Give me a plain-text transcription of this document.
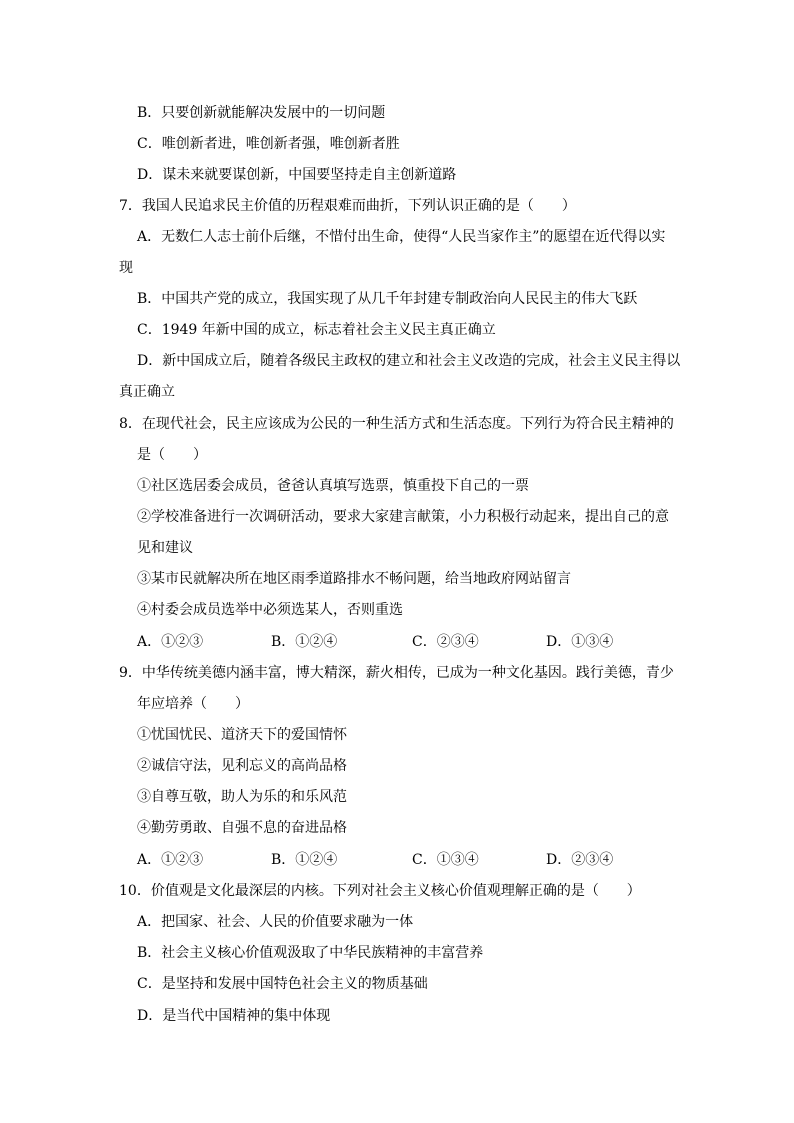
B．只要创新就能解决发展中的一切问题
C．唯创新者进，唯创新者强，唯创新者胜
D．谋未来就要谋创新，中国要坚持走自主创新道路
7．我国人民追求民主价值的历程艰难而曲折，下列认识正确的是（　　）
A．无数仁人志士前仆后继，不惜付出生命，使得“人民当家作主”的愿望在近代得以实
现
B．中国共产党的成立，我国实现了从几千年封建专制政治向人民民主的伟大飞跃
C．1949 年新中国的成立，标志着社会主义民主真正确立
D．新中国成立后，随着各级民主政权的建立和社会主义改造的完成，社会主义民主得以
真正确立
8．在现代社会，民主应该成为公民的一种生活方式和生活态度。下列行为符合民主精神的
是（　　）
①社区选居委会成员，爸爸认真填写选票，慎重投下自己的一票
②学校准备进行一次调研活动，要求大家建言献策，小力积极行动起来，提出自己的意
见和建议
③某市民就解决所在地区雨季道路排水不畅问题，给当地政府网站留言
④村委会成员选举中必须选某人，否则重选
A．①②③	B．①②④	C．②③④	D．①③④
9．中华传统美德内涵丰富，博大精深，薪火相传，已成为一种文化基因。践行美德，青少
年应培养（　　）
①忧国忧民、道济天下的爱国情怀
②诚信守法，见利忘义的高尚品格
③自尊互敬，助人为乐的和乐风范
④勤劳勇敢、自强不息的奋进品格
A．①②③	B．①②④	C．①③④	D．②③④
10．价值观是文化最深层的内核。下列对社会主义核心价值观理解正确的是（　　）
A．把国家、社会、人民的价值要求融为一体
B．社会主义核心价值观汲取了中华民族精神的丰富营养
C．是坚持和发展中国特色社会主义的物质基础
D．是当代中国精神的集中体现
